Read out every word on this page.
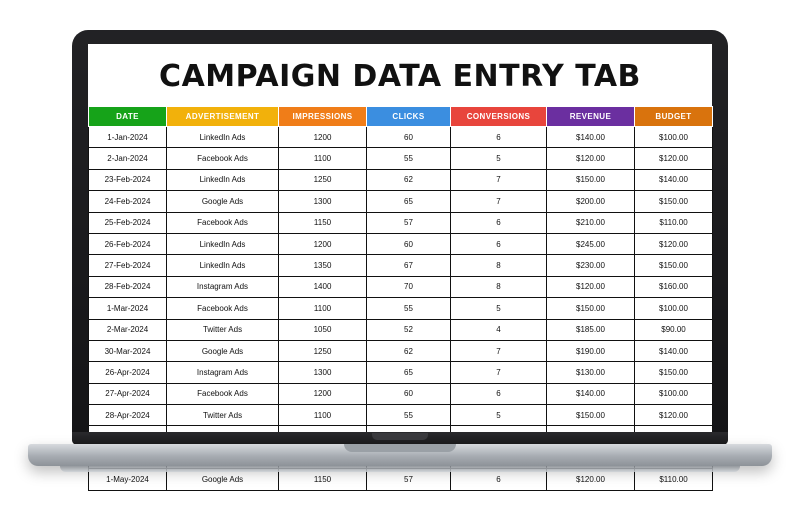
CAMPAIGN DATA ENTRY TAB
DATE	ADVERTISEMENT	IMPRESSIONS	CLICKS	CONVERSIONS	REVENUE	BUDGET
1-Jan-2024	LinkedIn Ads	1200	60	6	$140.00	$100.00
2-Jan-2024	Facebook Ads	1100	55	5	$120.00	$120.00
23-Feb-2024	LinkedIn Ads	1250	62	7	$150.00	$140.00
24-Feb-2024	Google Ads	1300	65	7	$200.00	$150.00
25-Feb-2024	Facebook Ads	1150	57	6	$210.00	$110.00
26-Feb-2024	LinkedIn Ads	1200	60	6	$245.00	$120.00
27-Feb-2024	LinkedIn Ads	1350	67	8	$230.00	$150.00
28-Feb-2024	Instagram Ads	1400	70	8	$120.00	$160.00
1-Mar-2024	Facebook Ads	1100	55	5	$150.00	$100.00
2-Mar-2024	Twitter Ads	1050	52	4	$185.00	$90.00
30-Mar-2024	Google Ads	1250	62	7	$190.00	$140.00
26-Apr-2024	Instagram Ads	1300	65	7	$130.00	$150.00
27-Apr-2024	Facebook Ads	1200	60	6	$140.00	$100.00
28-Apr-2024	Twitter Ads	1100	55	5	$150.00	$120.00

1-May-2024	Google Ads	1150	57	6	$120.00	$110.00
